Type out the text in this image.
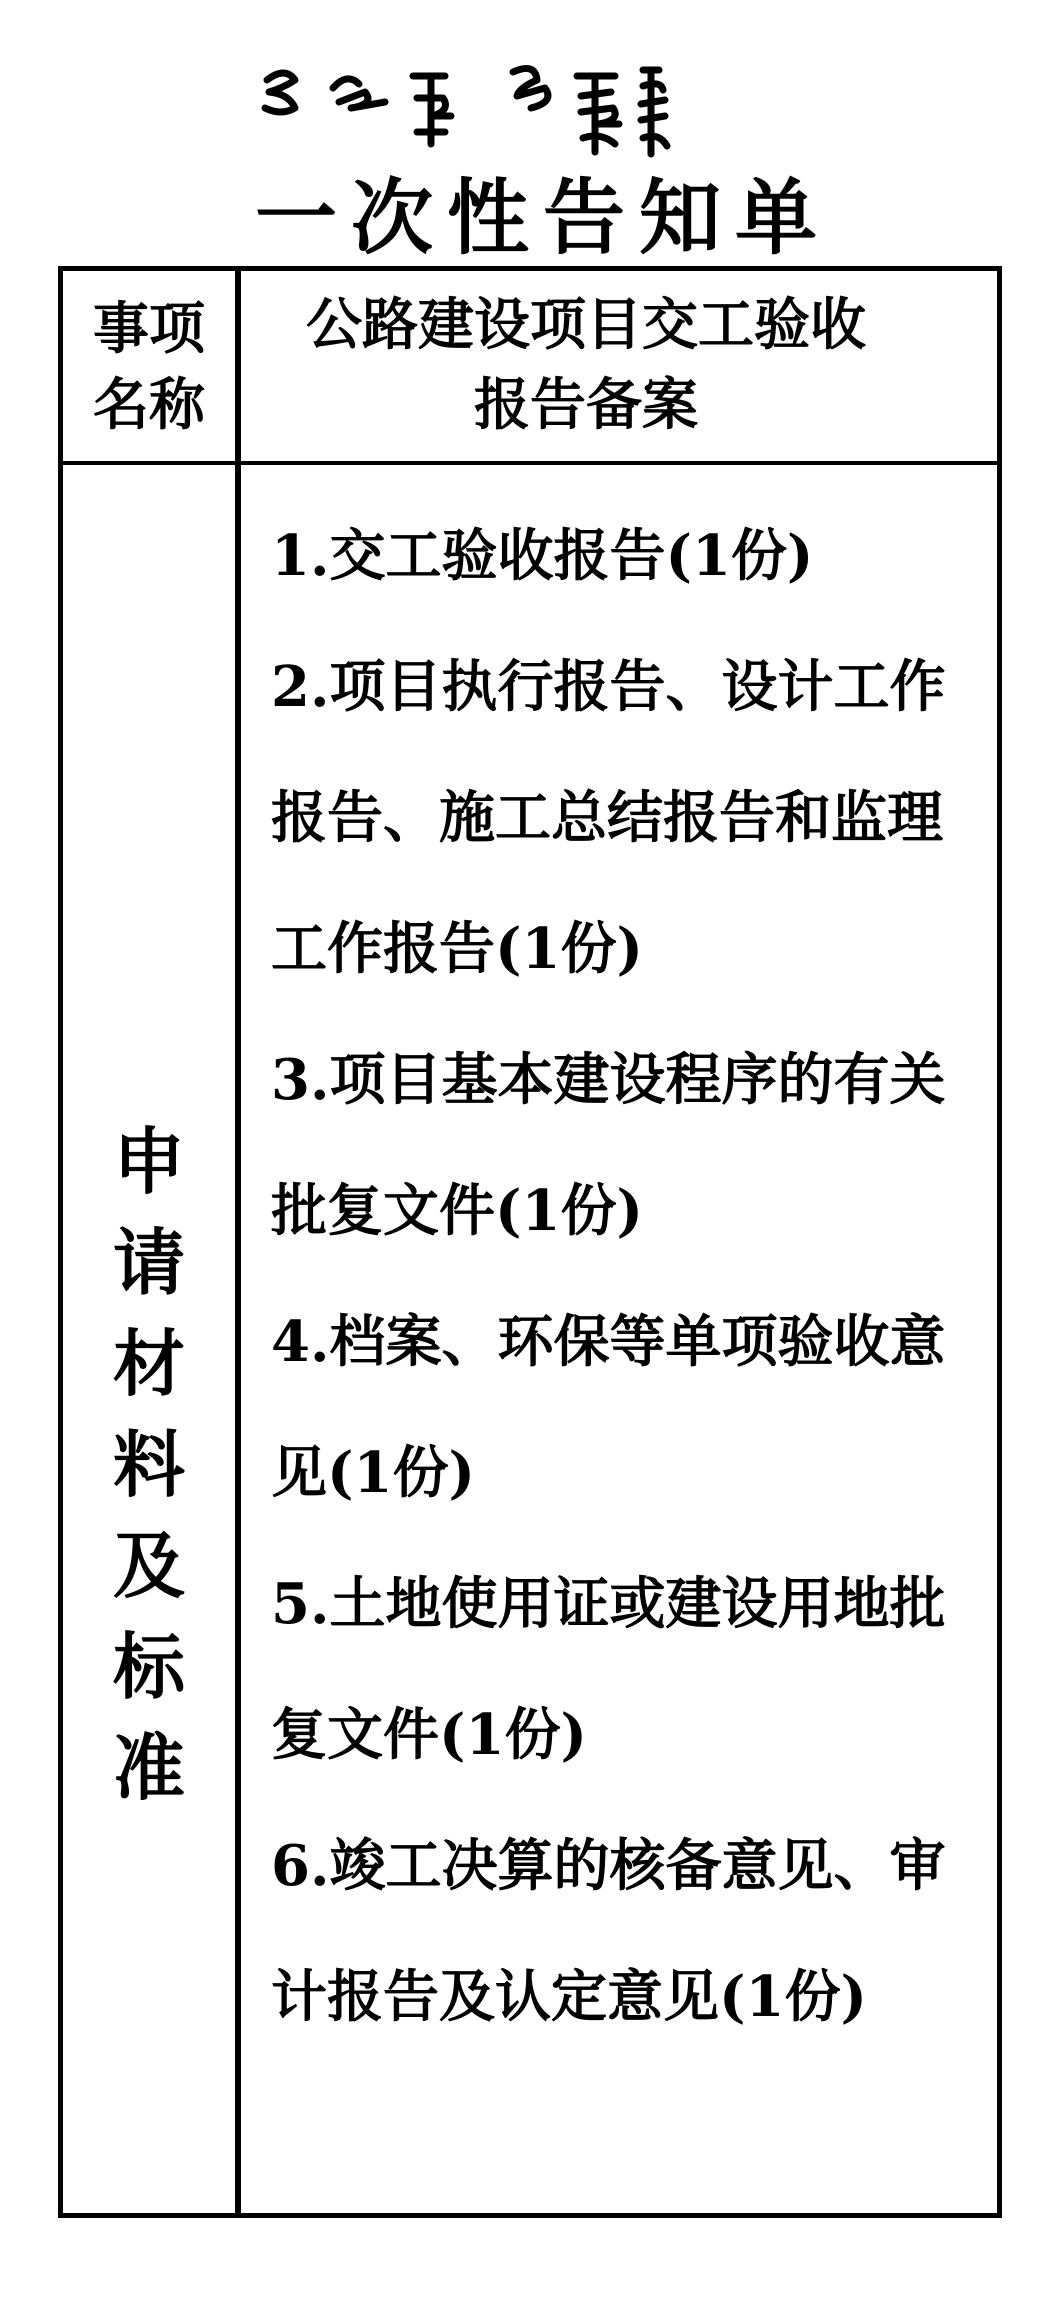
一次性告知单
事项名称
公路建设项目交工验收报告备案
申
请
材
料
及
标
准
1.交工验收报告(1份)
2.项目执行报告、设计工作报告、施工总结报告和监理工作报告(1份)
3.项目基本建设程序的有关批复文件(1份)
4.档案、环保等单项验收意见(1份)
5.土地使用证或建设用地批复文件(1份)
6.竣工决算的核备意见、审计报告及认定意见(1份)
